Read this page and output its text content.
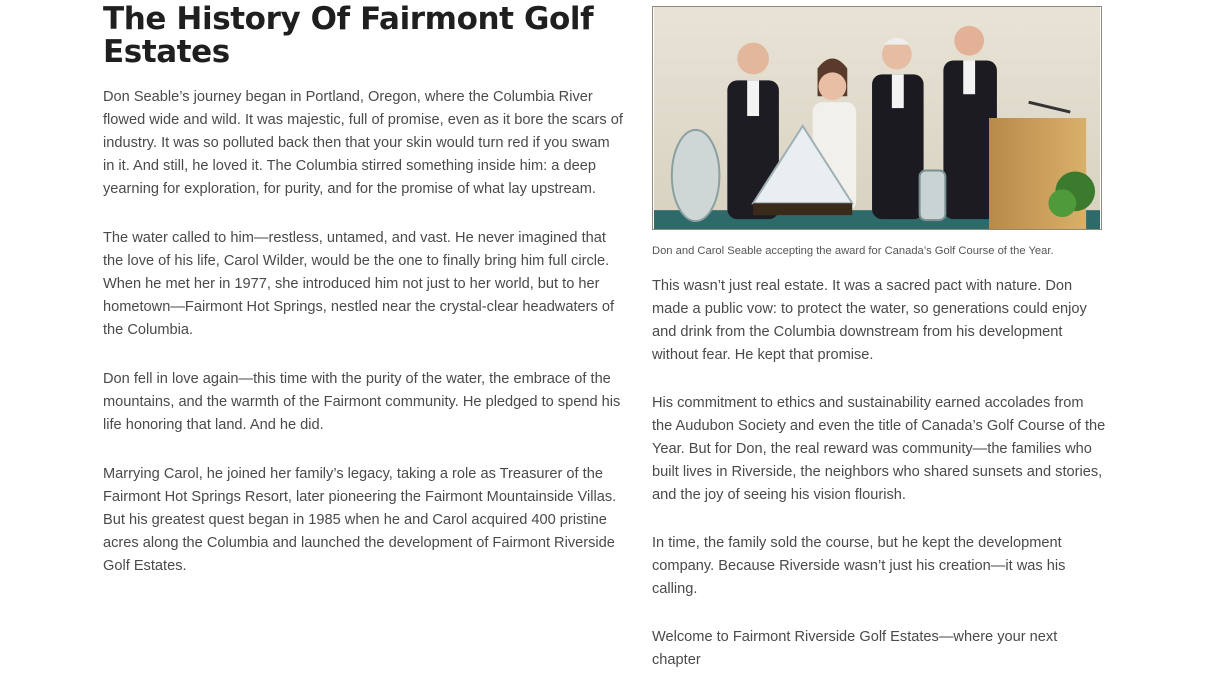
The History Of Fairmont Golf Estates

Don Seable’s journey began in Portland, Oregon, where the Columbia River flowed wide and wild. It was majestic, full of promise, even as it bore the scars of industry. It was so polluted back then that your skin would turn red if you swam in it. And still, he loved it. The Columbia stirred something inside him: a deep yearning for exploration, for purity, and for the promise of what lay upstream.

The water called to him—restless, untamed, and vast. He never imagined that the love of his life, Carol Wilder, would be the one to finally bring him full circle. When he met her in 1977, she introduced him not just to her world, but to her hometown—Fairmont Hot Springs, nestled near the crystal-clear headwaters of the Columbia.

Don fell in love again—this time with the purity of the water, the embrace of the mountains, and the warmth of the Fairmont community. He pledged to spend his life honoring that land. And he did.

Marrying Carol, he joined her family’s legacy, taking a role as Treasurer of the Fairmont Hot Springs Resort, later pioneering the Fairmont Mountainside Villas. But his greatest quest began in 1985 when he and Carol acquired 400 pristine acres along the Columbia and launched the development of Fairmont Riverside Golf Estates.

Don and Carol Seable accepting the award for Canada’s Golf Course of the Year.

This wasn’t just real estate. It was a sacred pact with nature. Don made a public vow: to protect the water, so generations could enjoy and drink from the Columbia downstream from his development without fear. He kept that promise.

His commitment to ethics and sustainability earned accolades from the Audubon Society and even the title of Canada’s Golf Course of the Year. But for Don, the real reward was community—the families who built lives in Riverside, the neighbors who shared sunsets and stories, and the joy of seeing his vision flourish.

In time, the family sold the course, but he kept the development company. Because Riverside wasn’t just his creation—it was his calling.

Welcome to Fairmont Riverside Golf Estates—where your next chapter
